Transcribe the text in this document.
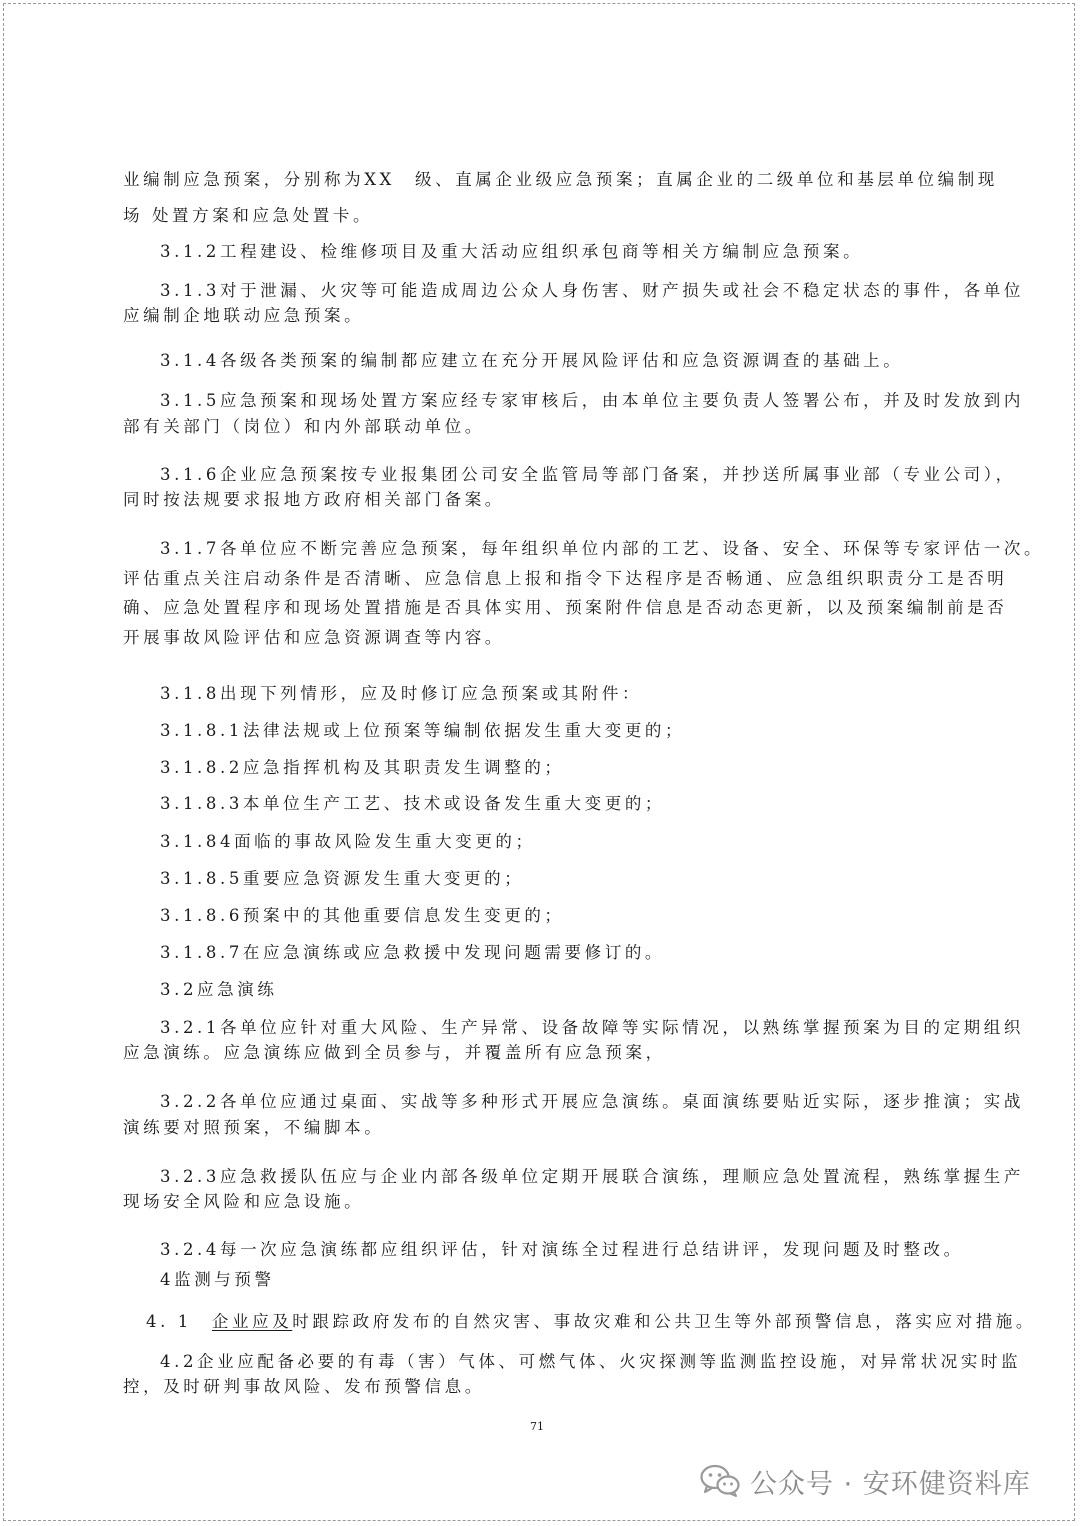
业编制应急预案，分别称为XX　级、直属企业级应急预案；直属企业的二级单位和基层单位编制现

场 处置方案和应急处置卡。

3.1.2工程建设、检维修项目及重大活动应组织承包商等相关方编制应急预案。

3.1.3对于泄漏、火灾等可能造成周边公众人身伤害、财产损失或社会不稳定状态的事件，各单位

应编制企地联动应急预案。

3.1.4各级各类预案的编制都应建立在充分开展风险评估和应急资源调查的基础上。

3.1.5应急预案和现场处置方案应经专家审核后，由本单位主要负责人签署公布，并及时发放到内

部有关部门（岗位）和内外部联动单位。

3.1.6企业应急预案按专业报集团公司安全监管局等部门备案，并抄送所属事业部（专业公司），

同时按法规要求报地方政府相关部门备案。

3.1.7各单位应不断完善应急预案，每年组织单位内部的工艺、设备、安全、环保等专家评估一次。

评估重点关注启动条件是否清晰、应急信息上报和指令下达程序是否畅通、应急组织职责分工是否明

确、应急处置程序和现场处置措施是否具体实用、预案附件信息是否动态更新，以及预案编制前是否

开展事故风险评估和应急资源调查等内容。

3.1.8出现下列情形，应及时修订应急预案或其附件：

3.1.8.1法律法规或上位预案等编制依据发生重大变更的；

3.1.8.2应急指挥机构及其职责发生调整的；

3.1.8.3本单位生产工艺、技术或设备发生重大变更的；

3.1.84面临的事故风险发生重大变更的；

3.1.8.5重要应急资源发生重大变更的；

3.1.8.6预案中的其他重要信息发生变更的；

3.1.8.7在应急演练或应急救援中发现问题需要修订的。

3.2应急演练

3.2.1各单位应针对重大风险、生产异常、设备故障等实际情况，以熟练掌握预案为目的定期组织

应急演练。应急演练应做到全员参与，并覆盖所有应急预案，

3.2.2各单位应通过桌面、实战等多种形式开展应急演练。桌面演练要贴近实际，逐步推演；实战

演练要对照预案，不编脚本。

3.2.3应急救援队伍应与企业内部各级单位定期开展联合演练，理顺应急处置流程，熟练掌握生产

现场安全风险和应急设施。

3.2.4每一次应急演练都应组织评估，针对演练全过程进行总结讲评，发现问题及时整改。

4监测与预警

4. 1 企业应及时跟踪政府发布的自然灾害、事故灾难和公共卫生等外部预警信息，落实应对措施。

4.2企业应配备必要的有毒（害）气体、可燃气体、火灾探测等监测监控设施，对异常状况实时监

控，及时研判事故风险、发布预警信息。

71
公众号 · 安环健资料库
